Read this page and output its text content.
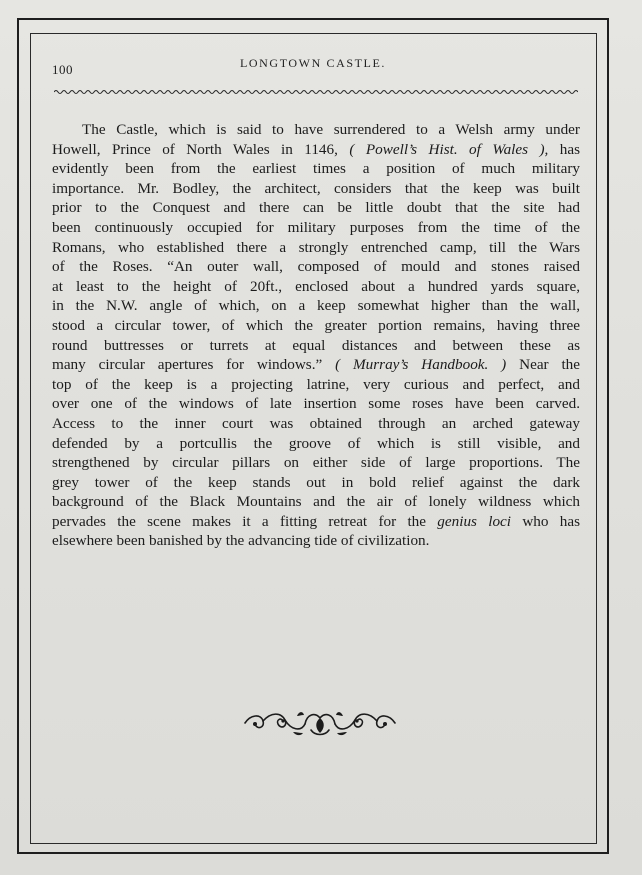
100	LONGTOWN CASTLE.
The Castle, which is said to have surrendered to a Welsh army under
Howell, Prince of North Wales in 1146, ( Powell’s Hist. of Wales ), has
evidently been from the earliest times a position of much military
importance. Mr. Bodley, the architect, considers that the keep was built
prior to the Conquest and there can be little doubt that the site had
been continuously occupied for military purposes from the time of the
Romans, who established there a strongly entrenched camp, till the Wars
of the Roses. “An outer wall, composed of mould and stones raised
at least to the height of 20ft., enclosed about a hundred yards square,
in the N.W. angle of which, on a keep somewhat higher than the wall,
stood a circular tower, of which the greater portion remains, having three
round buttresses or turrets at equal distances and between these as
many circular apertures for windows.” ( Murray’s Handbook. ) Near the
top of the keep is a projecting latrine, very curious and perfect, and
over one of the windows of late insertion some roses have been carved.
Access to the inner court was obtained through an arched gateway
defended by a portcullis the groove of which is still visible, and
strengthened by circular pillars on either side of large proportions. The
grey tower of the keep stands out in bold relief against the dark
background of the Black Mountains and the air of lonely wildness which
pervades the scene makes it a fitting retreat for the genius loci who has
elsewhere been banished by the advancing tide of civilization.
